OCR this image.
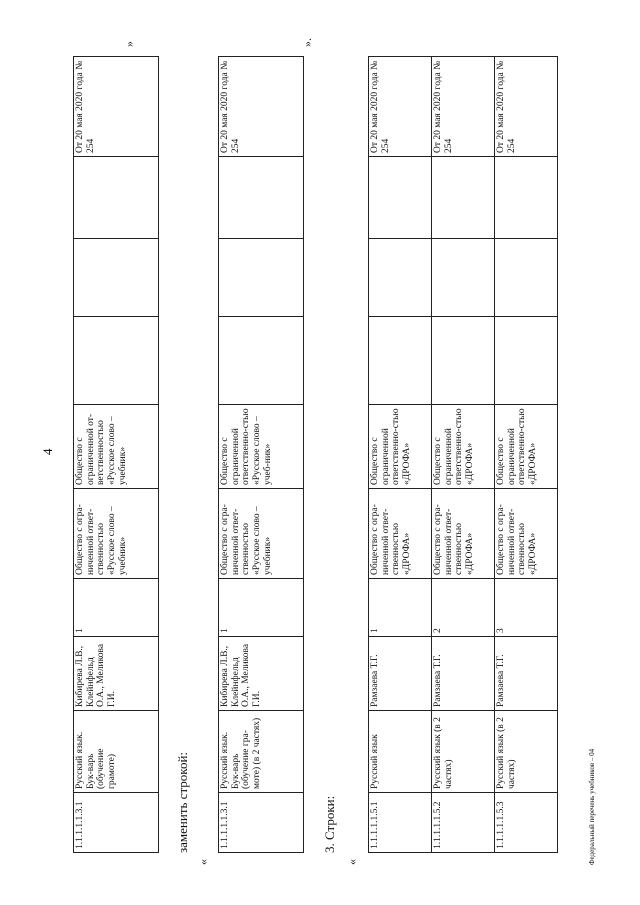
4
1.1.1.1.1.3.1	Русский язык. Бук-варь (обучение грамоте)	Кибирева Л.В., Клейнфельд О.А., Меликова Г.И.	1	Общество с огра-ниченной ответ-ственностью «Русское слово – учебник»	Общество с ограниченной от-ветственностью «Русское слово – учебник»				От 20 мая 2020 года № 254
»
заменить строкой:
«
1.1.1.1.1.3.1	Русский язык. Бук-варь (обучение гра-моте) (в 2 частях)	Кибирева Л.В., Клейнфельд О.А., Меликова Г.И.	1	Общество с огра-ниченной ответ-ственностью «Русское слово – учебник»	Общество с ограниченной ответственно-стью «Русское слово – учеб-ник»				От 20 мая 2020 года № 254
».
3. Строки:
«
1.1.1.1.1.5.1	Русский язык	Рамзаева Т.Г.	1	Общество с огра-ниченной ответ-ственностью «ДРОФА»	Общество с ограниченной ответственно-стью «ДРОФА»				От 20 мая 2020 года № 254
1.1.1.1.1.5.2	Русский язык (в 2 частях)	Рамзаева Т.Г.	2	Общество с огра-ниченной ответ-ственностью «ДРОФА»	Общество с ограниченной ответственно-стью «ДРОФА»				От 20 мая 2020 года № 254
1.1.1.1.1.5.3	Русский язык (в 2 частях)	Рамзаева Т.Г.	3	Общество с огра-ниченной ответ-ственностью «ДРОФА»	Общество с ограниченной ответственно-стью «ДРОФА»				От 20 мая 2020 года № 254
Федеральный перечень учебников – 04
